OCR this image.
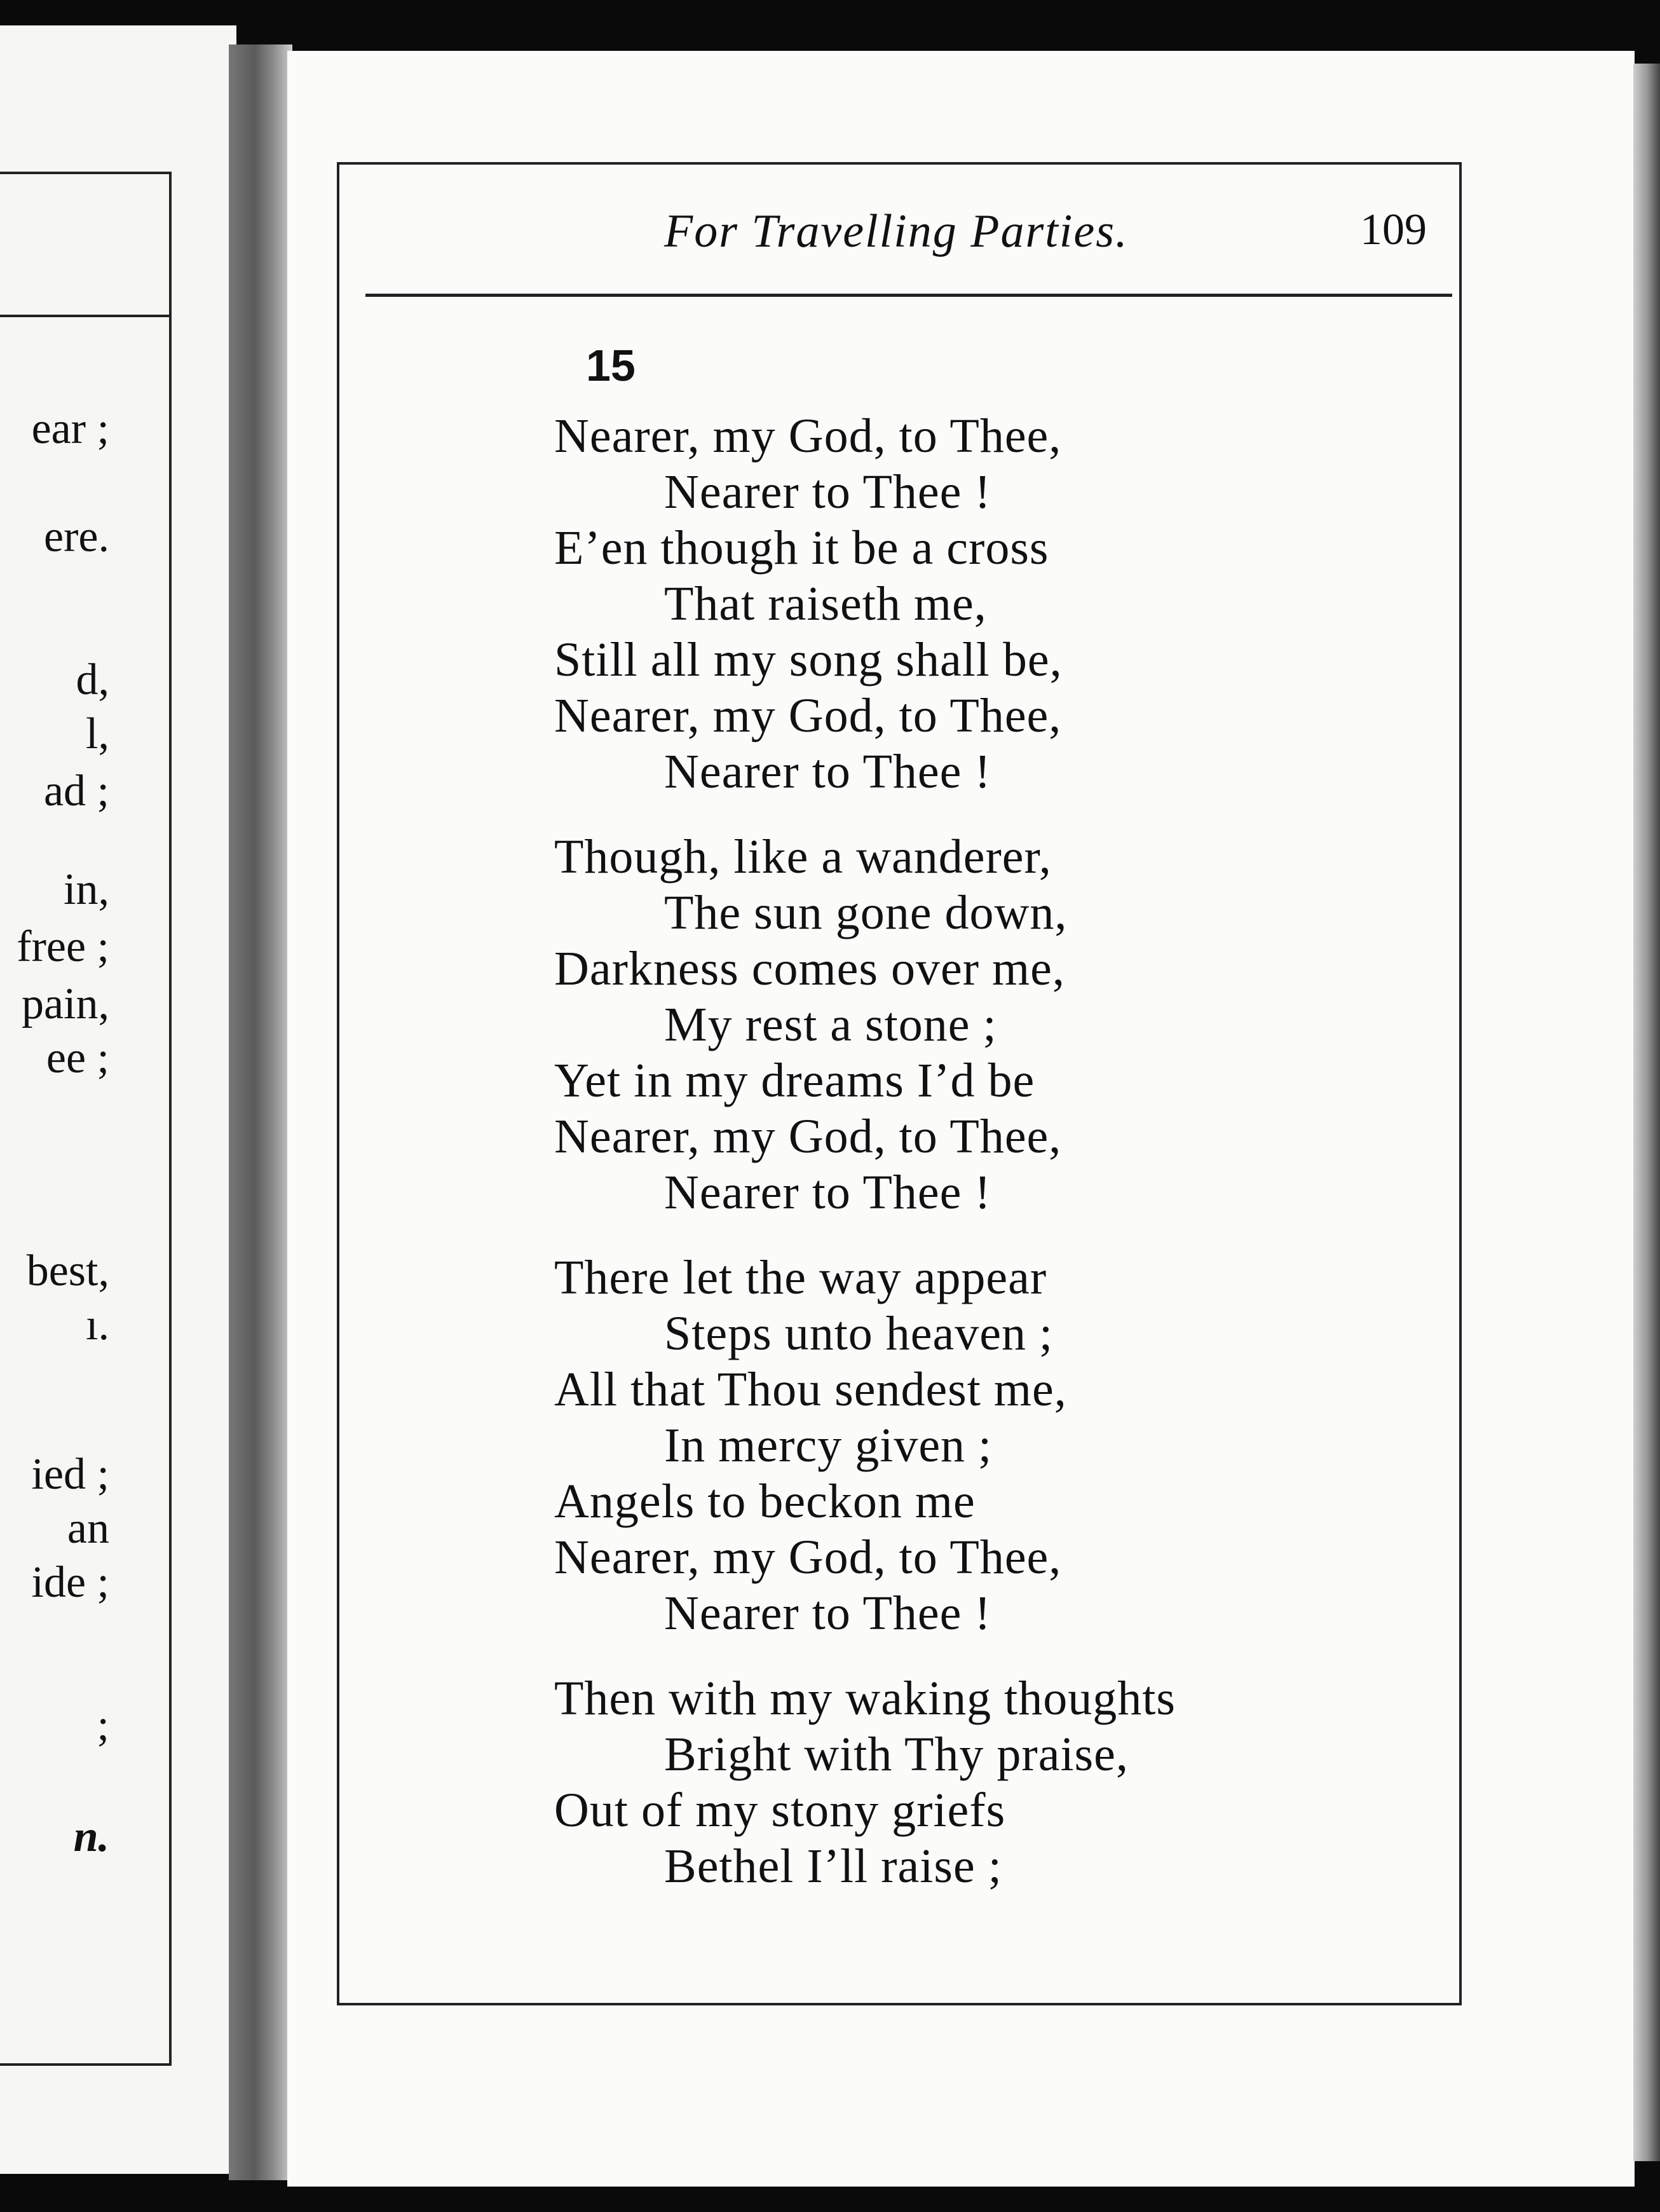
ear ;
ere.
d,
l,
ad ;
in,
free ;
pain,
ee ;
best,
ı.
ied ;
an
ide ;
;
n.
For Travelling Parties.	109
15
Nearer, my God, to Thee,
Nearer to Thee !
E’en though it be a cross
That raiseth me,
Still all my song shall be,
Nearer, my God, to Thee,
Nearer to Thee !
Though, like a wanderer,
The sun gone down,
Darkness comes over me,
My rest a stone ;
Yet in my dreams I’d be
Nearer, my God, to Thee,
Nearer to Thee !
There let the way appear
Steps unto heaven ;
All that Thou sendest me,
In mercy given ;
Angels to beckon me
Nearer, my God, to Thee,
Nearer to Thee !
Then with my waking thoughts
Bright with Thy praise,
Out of my stony griefs
Bethel I’ll raise ;
